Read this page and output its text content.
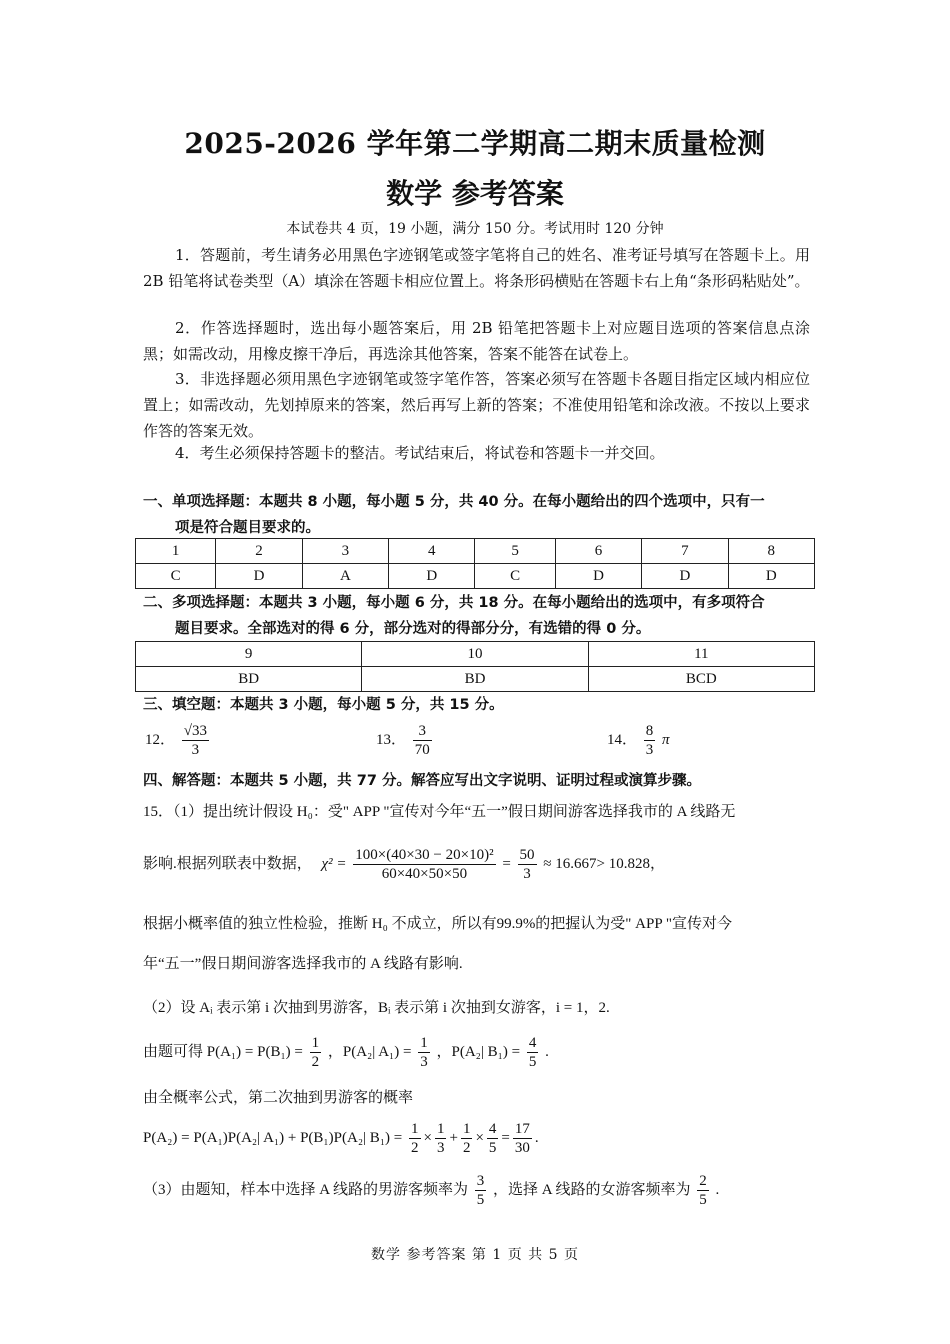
2025-2026 学年第二学期高二期末质量检测
数学 参考答案
本试卷共 4 页，19 小题，满分 150 分。考试用时 120 分钟
1．答题前，考生请务必用黑色字迹钢笔或签字笔将自己的姓名、准考证号填写在答题卡上。用 2B 铅笔将试卷类型（A）填涂在答题卡相应位置上。将条形码横贴在答题卡右上角“条形码粘贴处”。
2．作答选择题时，选出每小题答案后，用 2B 铅笔把答题卡上对应题目选项的答案信息点涂黑；如需改动，用橡皮擦干净后，再选涂其他答案，答案不能答在试卷上。
3．非选择题必须用黑色字迹钢笔或签字笔作答，答案必须写在答题卡各题目指定区域内相应位置上；如需改动，先划掉原来的答案，然后再写上新的答案；不准使用铅笔和涂改液。不按以上要求作答的答案无效。
4．考生必须保持答题卡的整洁。考试结束后，将试卷和答题卡一并交回。
一、单项选择题：本题共 8 小题，每小题 5 分，共 40 分。在每小题给出的四个选项中，只有一
项是符合题目要求的。
1	2	3	4	5	6	7	8
C	D	A	D	C	D	D	D
二、多项选择题：本题共 3 小题，每小题 6 分，共 18 分。在每小题给出的选项中，有多项符合
题目要求。全部选对的得 6 分，部分选对的得部分分，有选错的得 0 分。
9	10	11
BD	BD	BCD
三、填空题：本题共 3 小题，每小题 5 分，共 15 分。
12． $\frac{√33}{3}$	13． $\frac{3}{70}$	14． $\frac{8}{3}$ π
四、解答题：本题共 5 小题，共 77 分。解答应写出文字说明、证明过程或演算步骤。
15．（1）提出统计假设 H₀：受" APP "宣传对今年“五一”假日期间游客选择我市的 A 线路无
影响.根据列联表中数据， $\chi^2 = \frac{\text{100×(40×30 − 20×10)²}}{60\times 40\times 50\times 50} = \frac{50}{3} \approx 16.667> 10.828$，
根据小概率值的独立性检验，推断 H₀ 不成立，所以有99.9%的把握认为受" APP "宣传对今
年“五一”假日期间游客选择我市的 A 线路有影响.
（2）设 Aᵢ 表示第 i 次抽到男游客，Bᵢ 表示第 i 次抽到女游客，i = 1，2.
由题可得 $P(A_1) = P(B_1) = \frac{1}{2}$ ，P(A₂| $A_1) = \frac{1}{3}$ ，P(A₂| $B_1) = \frac{4}{5}$ .
由全概率公式，第二次抽到男游客的概率
P(A₂) = P(A₁)P(A₂| A₁) + P(B₁)P(A₂| $B_1) = \frac{1}{2} \times \frac{1}{3} + \frac{1}{2} \times \frac{4}{5} = \frac{17}{30}$ .
（3）由题知，样本中选择 A 线路的男游客频率为 $\frac{3}{5}$ ，选择 A 线路的女游客频率为 $\frac{2}{5}$ .
数学 参考答案 第 1 页 共 5 页
